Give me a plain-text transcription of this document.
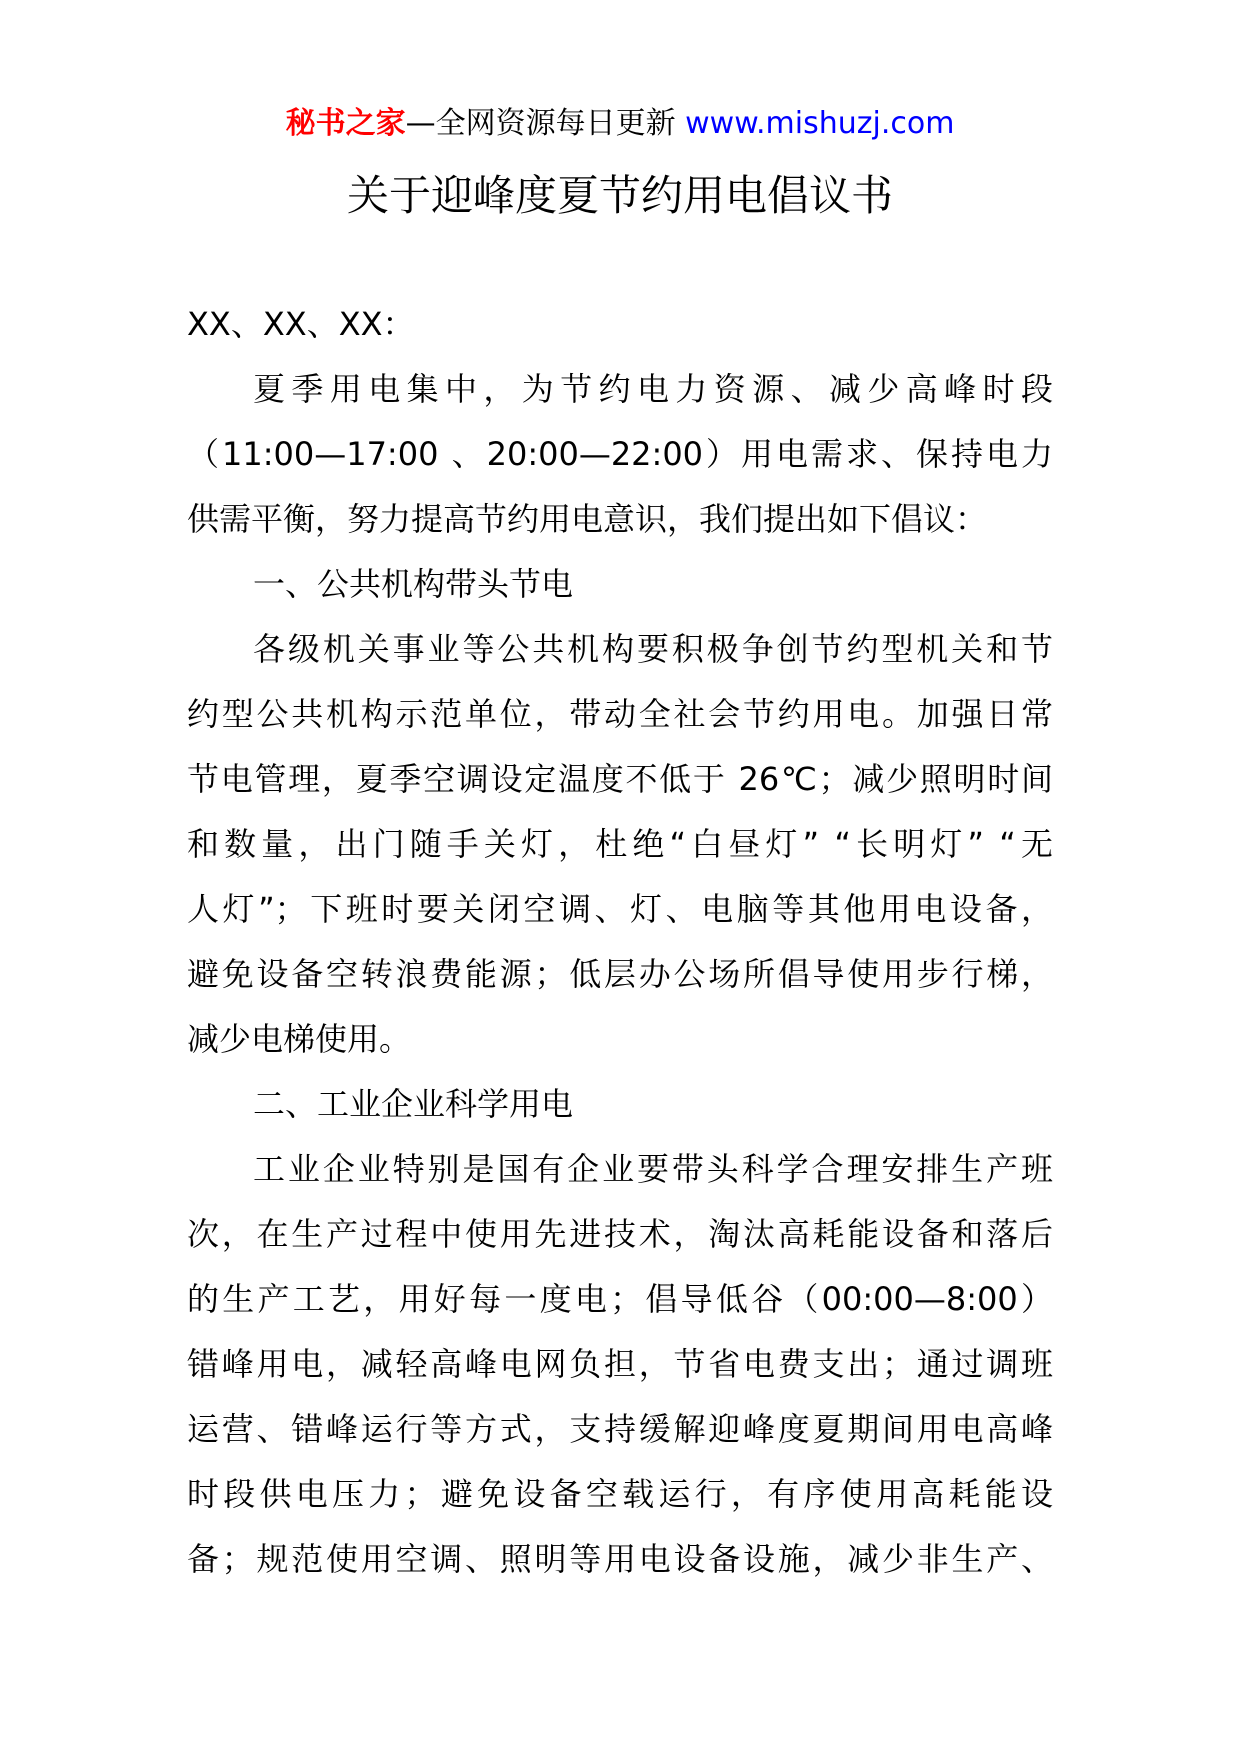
秘书之家—全网资源每日更新 www.mishuzj.com
关于迎峰度夏节约用电倡议书
XX、XX、XX：
夏季用电集中，为节约电力资源、减少高峰时段
（11:00—17:00 、20:00—22:00）用电需求、保持电力
供需平衡，努力提高节约用电意识，我们提出如下倡议：
一、公共机构带头节电
各级机关事业等公共机构要积极争创节约型机关和节
约型公共机构示范单位，带动全社会节约用电。加强日常
节电管理，夏季空调设定温度不低于 26℃；减少照明时间
和数量，出门随手关灯，杜绝“白昼灯” “长明灯” “无
人灯”；下班时要关闭空调、灯、电脑等其他用电设备，
避免设备空转浪费能源；低层办公场所倡导使用步行梯，
减少电梯使用。
二、工业企业科学用电
工业企业特别是国有企业要带头科学合理安排生产班
次，在生产过程中使用先进技术，淘汰高耗能设备和落后
的生产工艺，用好每一度电；倡导低谷（00:00—8:00）
错峰用电，减轻高峰电网负担，节省电费支出；通过调班
运营、错峰运行等方式，支持缓解迎峰度夏期间用电高峰
时段供电压力；避免设备空载运行，有序使用高耗能设
备；规范使用空调、照明等用电设备设施，减少非生产、
